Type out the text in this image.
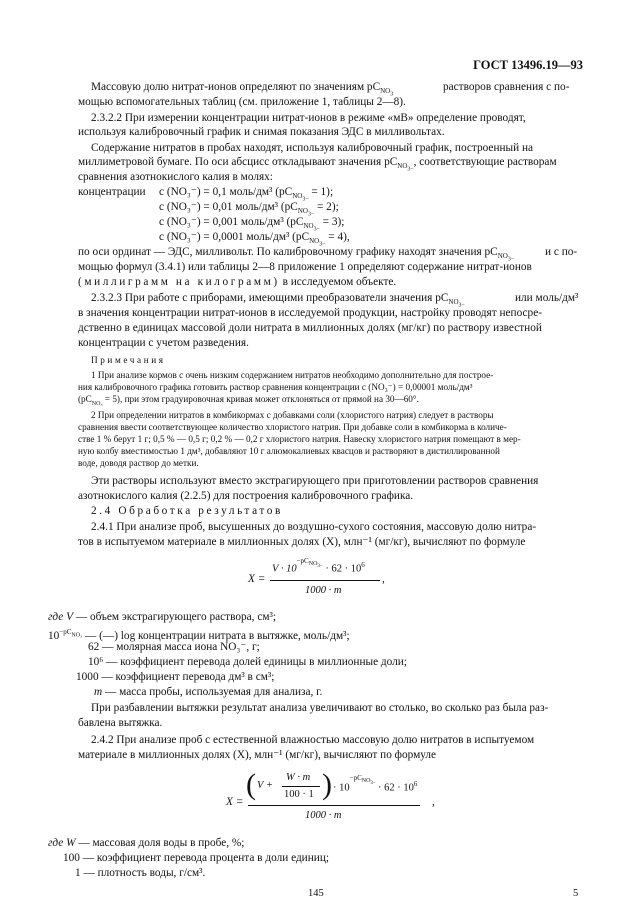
ГОСТ 13496.19—93
Массовую долю нитрат-ионов определяют по значениям $pC_{NO_3}$
растворов сравнения с по-
мощью вспомогательных таблиц (см. приложение 1, таблицы 2—8).
2.3.2.2 При измерении концентрации нитрат-ионов в режиме «мВ» определение проводят,
используя калибровочный график и снимая показания ЭДС в милливольтах.
Содержание нитратов в пробах находят, используя калибровочный график, построенный на
миллиметровой бумаге. По оси абсцисс откладывают значения $pC_{NO_{3-}}$, соответствующие растворам
сравнения азотнокислого калия в молях:
концентрации c (NO₃⁻) = 0,1 моль/дм³ $(pC_{NO_{3-}} = 1)$;
c (NO₃⁻) = 0,01 моль/дм³ $(pC_{NO_{3-}} = 2)$;
c (NO₃⁻) = 0,001 моль/дм³ $(pC_{NO_{3-}} = 3)$;
c (NO₃⁻) = 0,0001 моль/дм³ $(pC_{NO_{3-}} = 4)$,
по оси ординат — ЭДС, милливольт. По калибровочному графику находят значения $pC_{NO_{3-}}$
и с по-
мощью формул (3.4.1) или таблицы 2—8 приложение 1 определяют содержание нитрат-ионов
(миллиграмм на килограмм) в исследуемом объекте.
2.3.2.3 При работе с приборами, имеющими преобразователи значения $pC_{NO_{3-}}$
или моль/дм³
в значения концентрации нитрат-ионов в исследуемой продукции, настройку проводят непосре-
дственно в единицах массовой доли нитрата в миллионных долях (мг/кг) по раствору известной
концентрации с учетом разведения.
Примечания
1 При анализе кормов с очень низким содержанием нитратов необходимо дополнительно для построе-
ния калибровочного графика готовить раствор сравнения концентрации c (NO₃⁻) = 0,00001 моль/дм³
$(pC_{NO_3} = 5)$, при этом градуировочная кривая может отклоняться от прямой на 30—60°.
2 При определении нитратов в комбикормах с добавками соли (хлористого натрия) следует в растворы
сравнения ввести соответствующее количество хлористого натрия. При добавке соли в комбикорма в количе-
стве 1 % берут 1 г; 0,5 % — 0,5 г; 0,2 % — 0,2 г хлористого натрия. Навеску хлористого натрия помещают в мер-
ную колбу вместимостью 1 дм³, добавляют 10 г алюмокалиевых квасцов и растворяют в дистиллированной
воде, доводя раствор до метки.
Эти растворы используют вместо экстрагирующего при приготовлении растворов сравнения
азотнокислого калия (2.2.5) для построения калибровочного графика.
2.4 Обработка результатов
2.4.1 При анализе проб, высушенных до воздушно-сухого состояния, массовую долю нитра-
тов в испытуемом материале в миллионных долях (X), млн⁻¹ (мг/кг), вычисляют по формуле
X =
$V \cdot 10^{-pC_{NO_{3-}}} \cdot 62 \cdot 10^6$
1000 · m
,
где V — объем экстрагирующего раствора, см³;
$10^{-pC_{NO_3}}$ — (—) log концентрации нитрата в вытяжке, моль/дм³;
62 — молярная масса иона NO₃⁻, г;
10⁶ — коэффициент перевода долей единицы в миллионные доли;
1000 — коэффициент перевода дм³ в см³;
m — масса пробы, используемая для анализа, г.
При разбавлении вытяжки результат анализа увеличивают во столько, во сколько раз была раз-
бавлена вытяжка.
2.4.2 При анализе проб с естественной влажностью массовую долю нитратов в испытуемом
материале в миллионных долях (X), млн⁻¹ (мг/кг), вычисляют по формуле
X =
( V +
W · m
100 · 1 ) · $10^{-pC_{NO_{3-}}} \cdot 62 \cdot 10^6$
1000 · m
,
где W — массовая доля воды в пробе, %;
100 — коэффициент перевода процента в доли единиц;
1 — плотность воды, г/см³.
145	5
